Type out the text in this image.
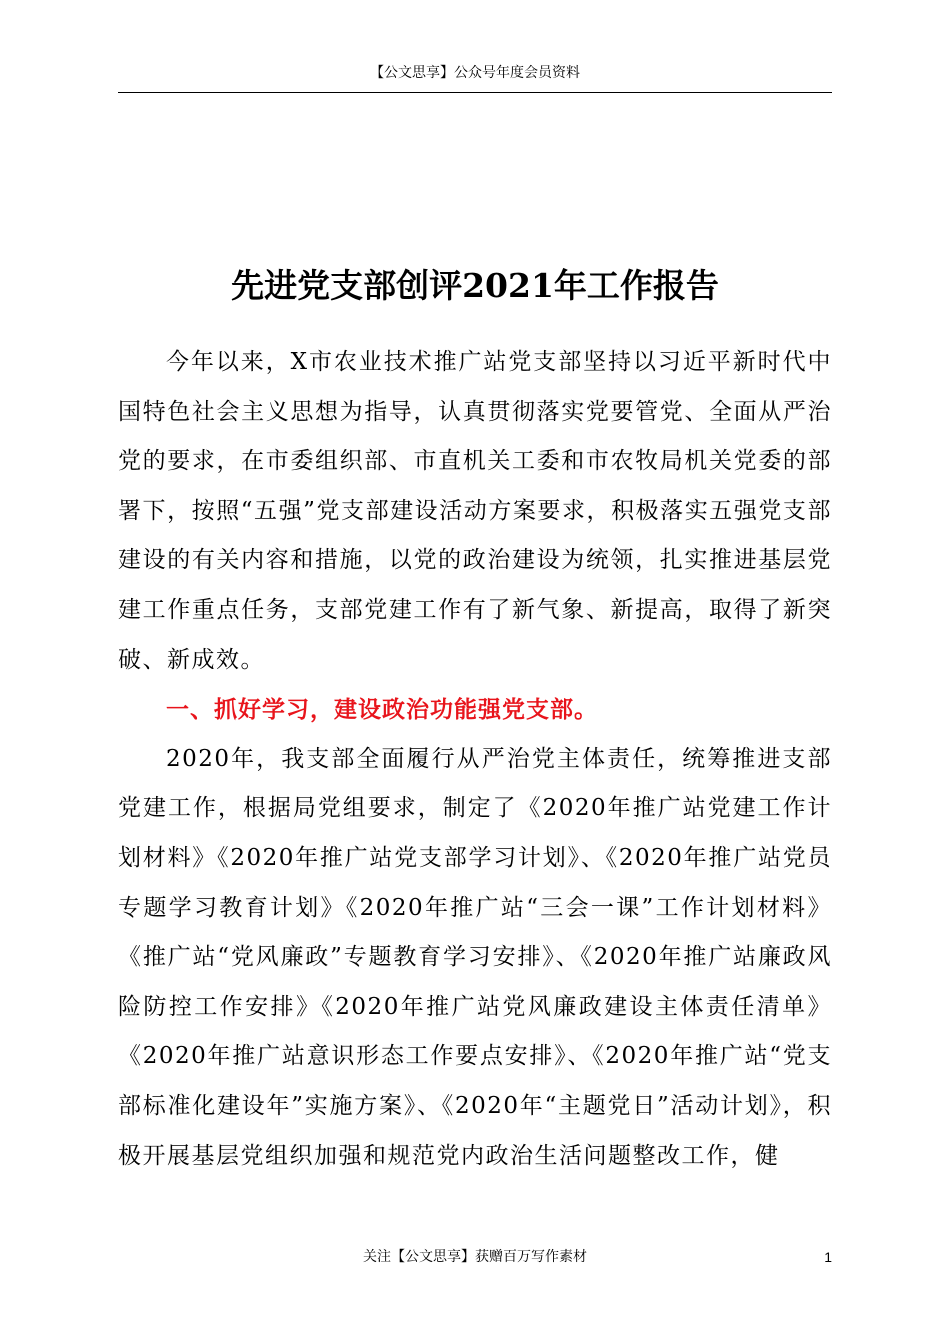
【公文思享】公众号年度会员资料
先进党支部创评2021年工作报告

今年以来，X市农业技术推广站党支部坚持以习近平新时代中国特色社会主义思想为指导，认真贯彻落实党要管党、全面从严治党的要求，在市委组织部、市直机关工委和市农牧局机关党委的部署下，按照“五强”党支部建设活动方案要求，积极落实五强党支部建设的有关内容和措施，以党的政治建设为统领，扎实推进基层党建工作重点任务，支部党建工作有了新气象、新提高，取得了新突破、新成效。

一、抓好学习，建设政治功能强党支部。

2020年，我支部全面履行从严治党主体责任，统筹推进支部党建工作，根据局党组要求，制定了《2020年推广站党建工作计划材料》《2020年推广站党支部学习计划》、《2020年推广站党员专题学习教育计划》《2020年推广站“三会一课”工作计划材料》《推广站“党风廉政”专题教育学习安排》、《2020年推广站廉政风险防控工作安排》《2020年推广站党风廉政建设主体责任清单》《2020年推广站意识形态工作要点安排》、《2020年推广站“党支部标准化建设年”实施方案》、《2020年“主题党日”活动计划》，积极开展基层党组织加强和规范党内政治生活问题整改工作，健

关注【公文思享】获赠百万写作素材	1
